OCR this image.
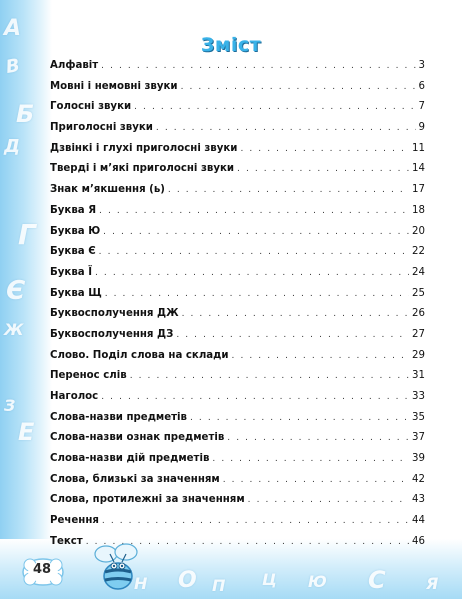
А
В
Б
Д
Г
Є
Ж
З
Е
Н О П Ц Ю С	Я
Зміст
Алфавіт . . .	3
Мовні і немовні звуки . . .	6
Голосні звуки . . .	7
Приголосні звуки . . .	9
Дзвінкі і глухі приголосні звуки . . .	11
Тверді і м’які приголосні звуки . . .	14
Знак м’якшення (ь) . . .	17
Буква Я . . .	18
Буква Ю . . .	20
Буква Є . . .	22
Буква Ї . . .	24
Буква Щ . . .	25
Буквосполучення ДЖ . . .	26
Буквосполучення ДЗ . . .	27
Слово. Поділ слова на склади . . .	29
Перенос слів . . .	31
Наголос . . .	33
Слова-назви предметів . . .	35
Слова-назви ознак предметів . . .	37
Слова-назви дій предметів . . .	39
Слова, близькі за значенням . . .	42
Слова, протилежні за значенням . . .	43
Речення . . .	44
Текст . . .	46
48
